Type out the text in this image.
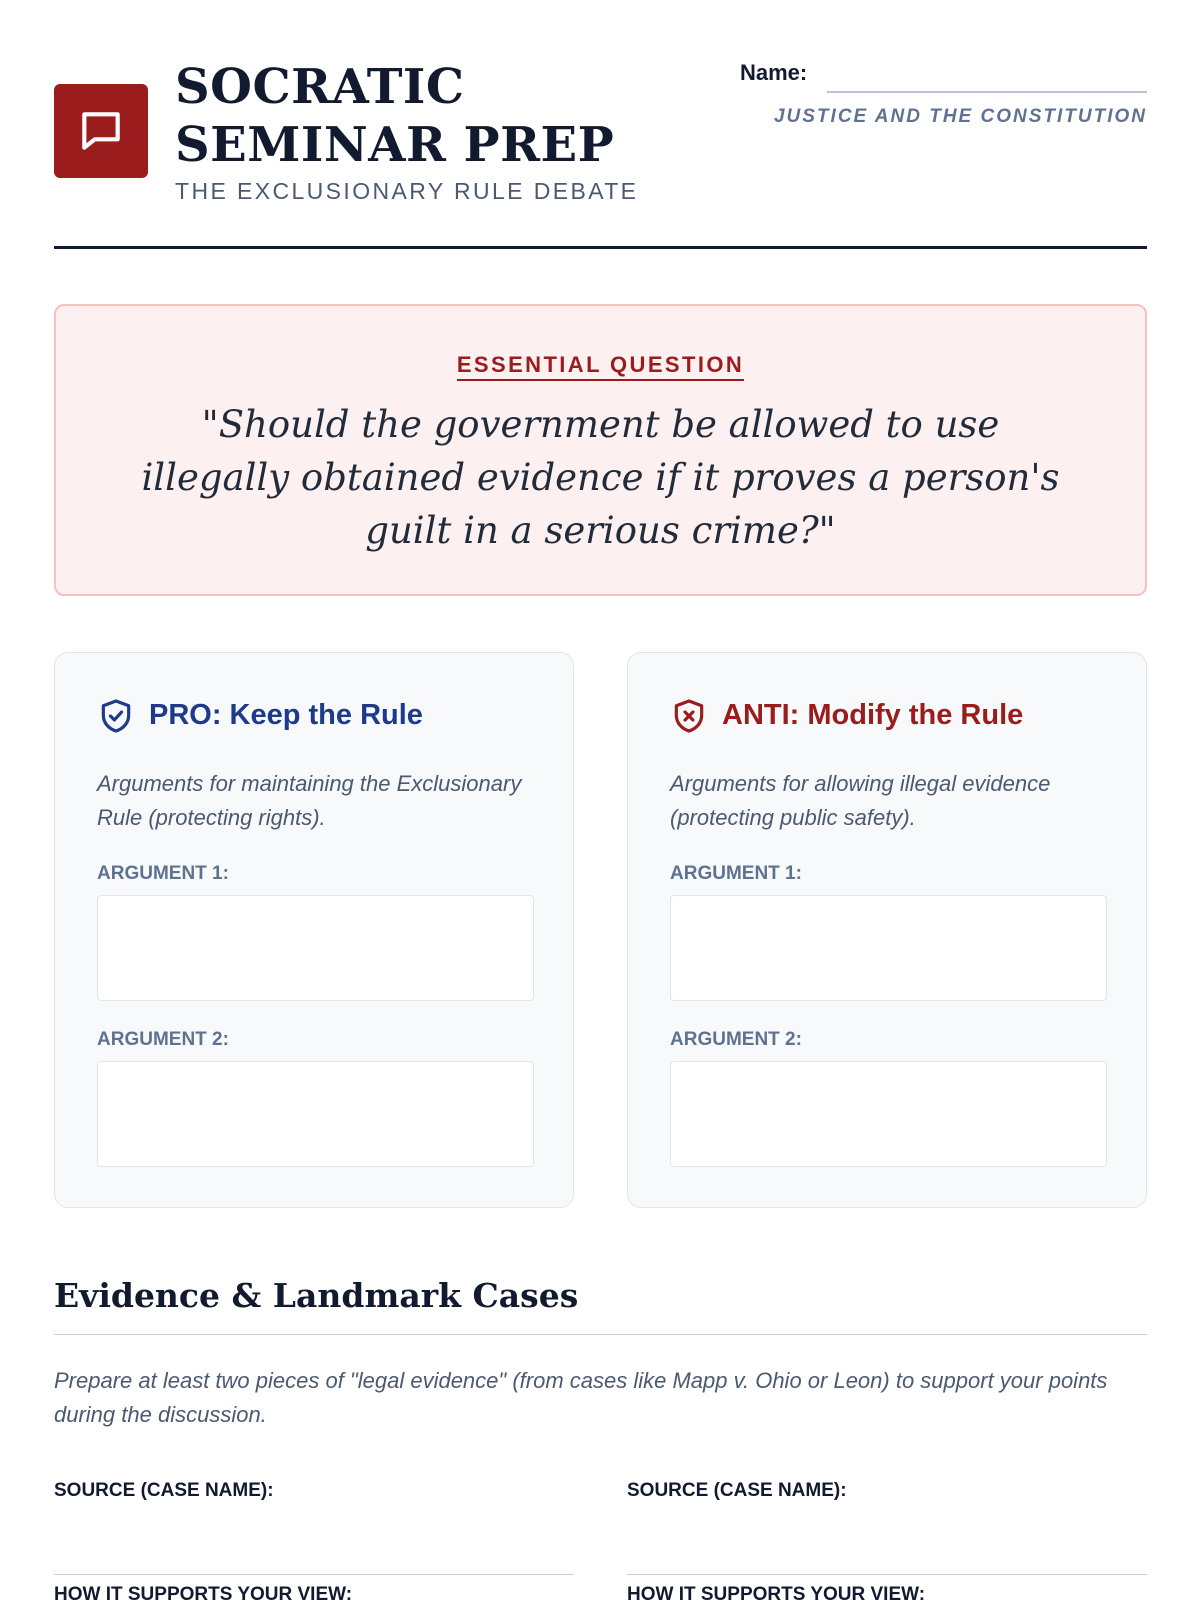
SOCRATIC SEMINAR PREP
THE EXCLUSIONARY RULE DEBATE
Name:
JUSTICE AND THE CONSTITUTION
ESSENTIAL QUESTION
"Should the government be allowed to use illegally obtained evidence if it proves a person's guilt in a serious crime?"
PRO: Keep the Rule
Arguments for maintaining the Exclusionary Rule (protecting rights).
ARGUMENT 1:
ARGUMENT 2:
ANTI: Modify the Rule
Arguments for allowing illegal evidence (protecting public safety).
ARGUMENT 1:
ARGUMENT 2:
Evidence & Landmark Cases
Prepare at least two pieces of "legal evidence" (from cases like Mapp v. Ohio or Leon) to support your points during the discussion.
SOURCE (CASE NAME):	SOURCE (CASE NAME):
HOW IT SUPPORTS YOUR VIEW:	HOW IT SUPPORTS YOUR VIEW:
